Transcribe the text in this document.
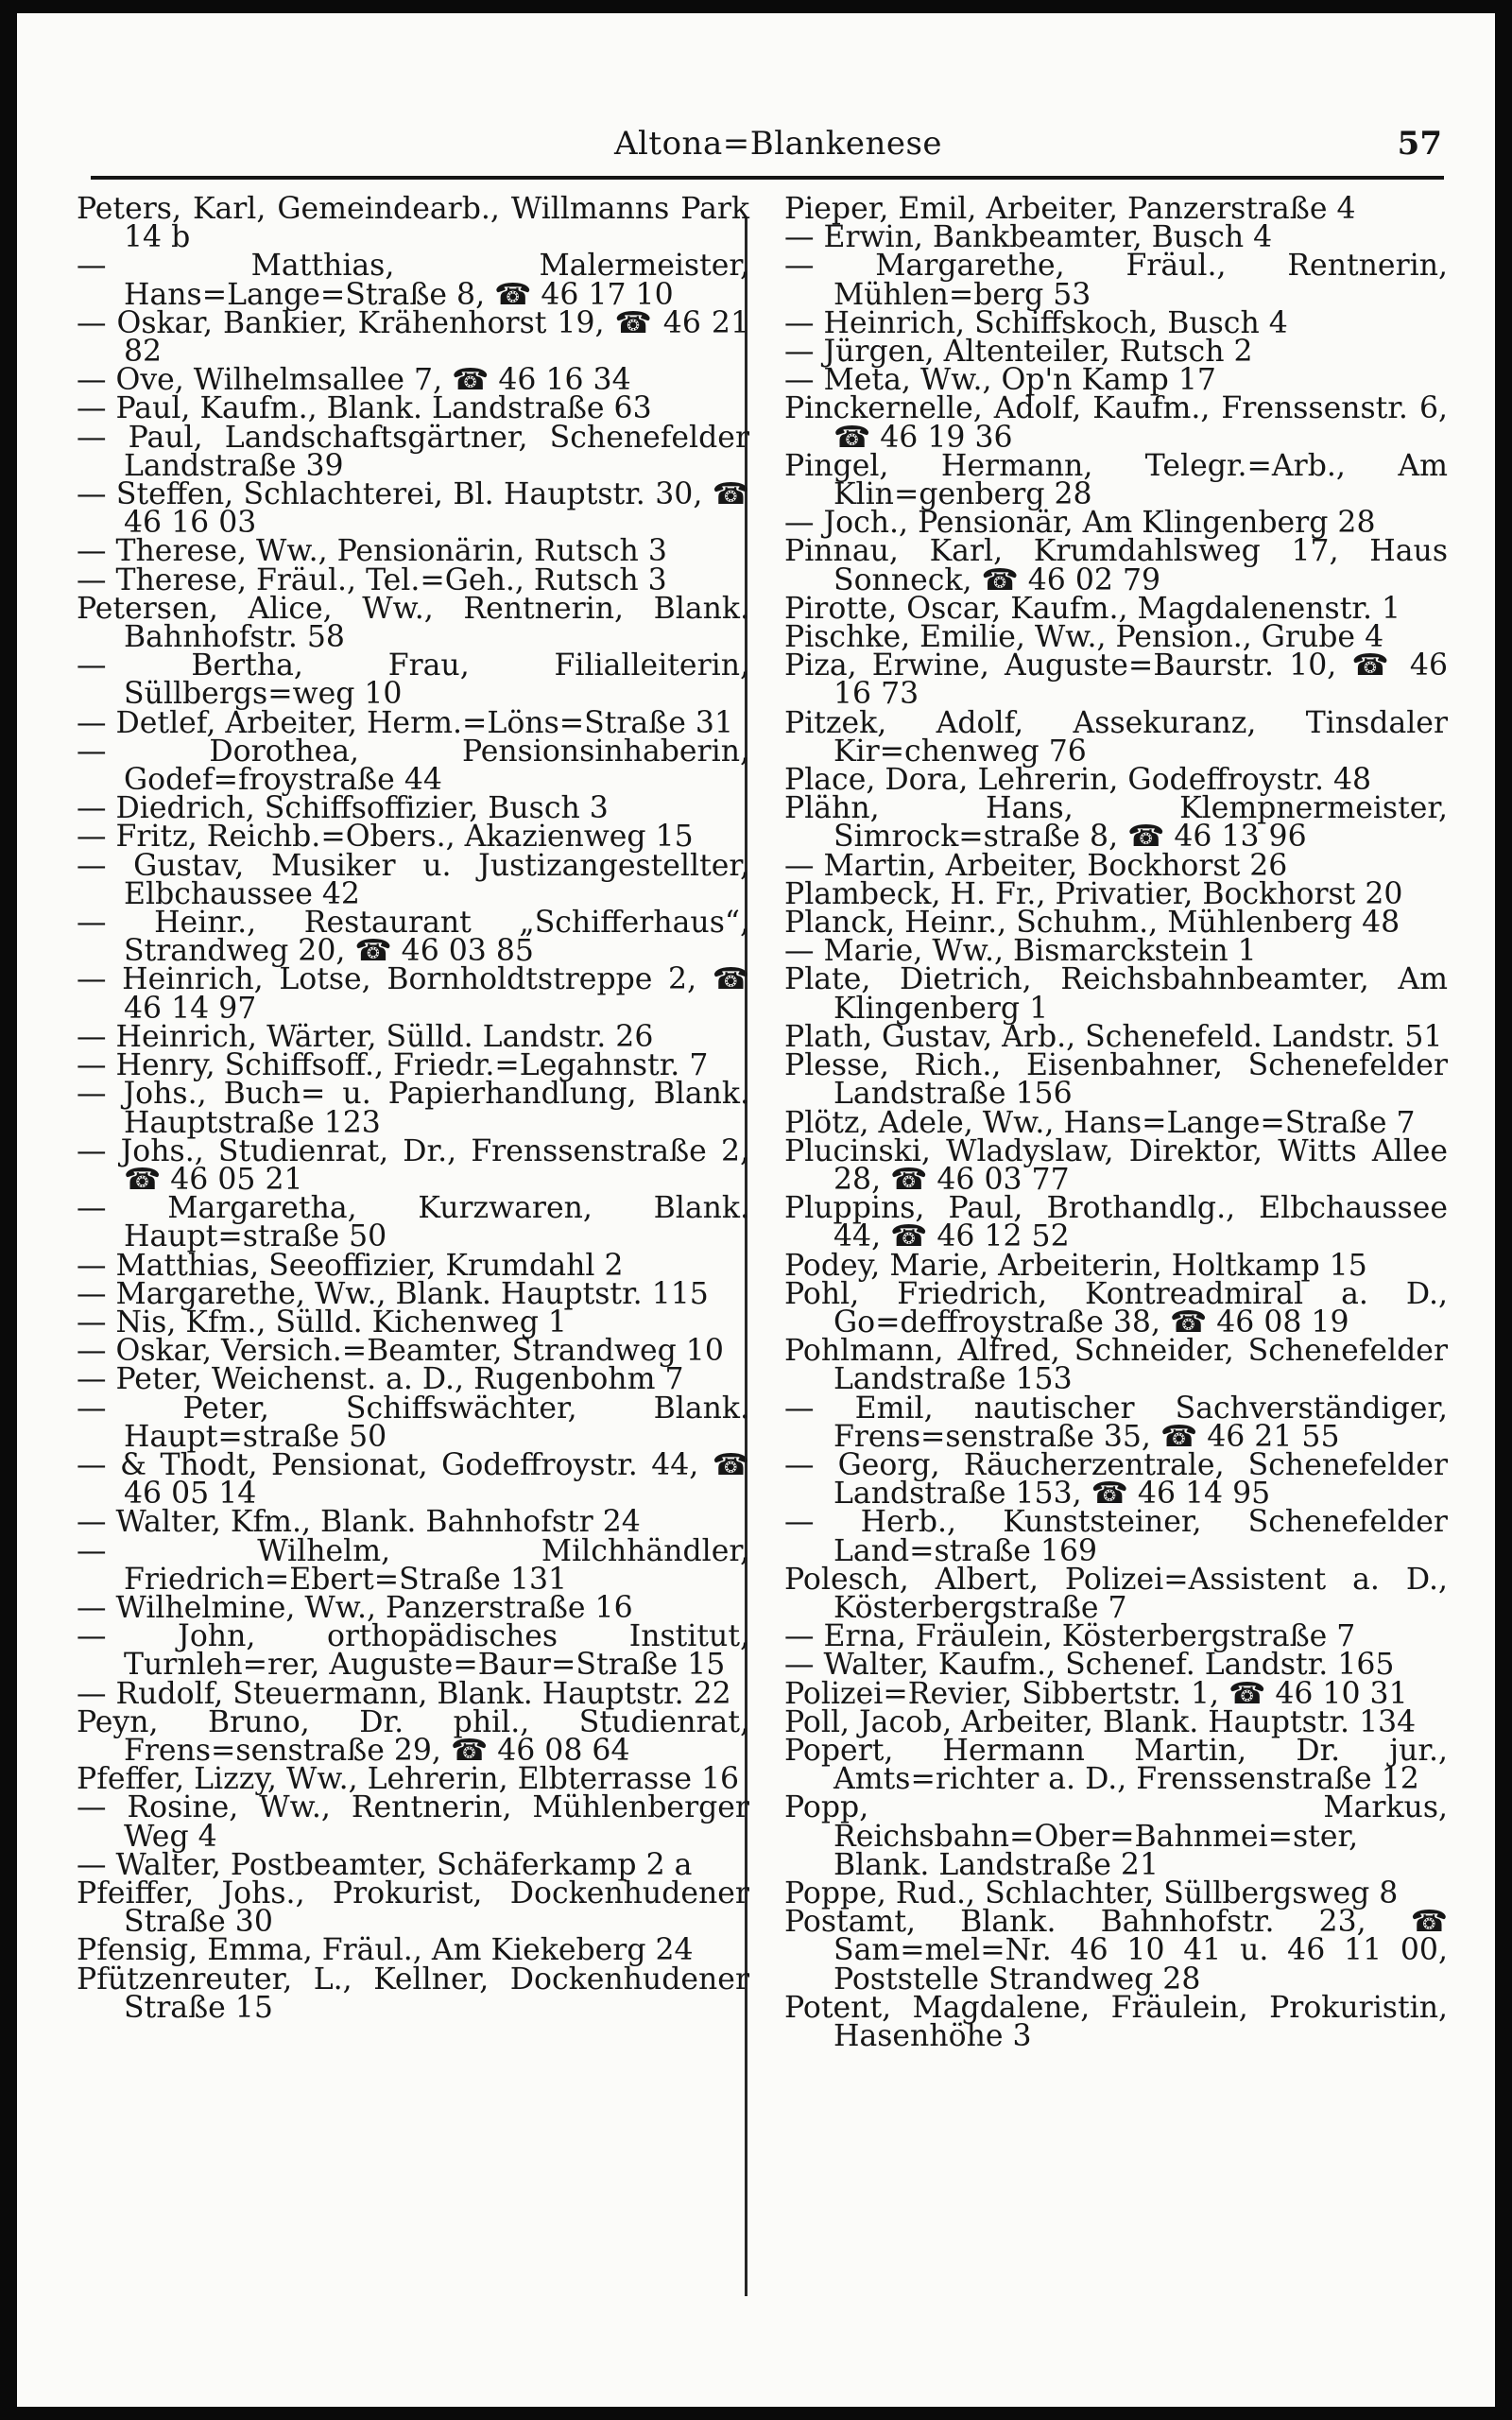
Altona=Blankenese	57

Peters, Karl, Gemeindearb., Willmanns Park 14 b

— Matthias, Malermeister, Hans=Lange=Straße 8, ☎ 46 17 10

— Oskar, Bankier, Krähenhorst 19, ☎ 46 21 82

— Ove, Wilhelmsallee 7, ☎ 46 16 34

— Paul, Kaufm., Blank. Landstraße 63

— Paul, Landschaftsgärtner, Schenefelder Landstraße 39

— Steffen, Schlachterei, Bl. Hauptstr. 30, ☎ 46 16 03

— Therese, Ww., Pensionärin, Rutsch 3

— Therese, Fräul., Tel.=Geh., Rutsch 3

Petersen, Alice, Ww., Rentnerin, Blank. Bahnhofstr. 58

— Bertha, Frau, Filialleiterin, Süllbergs=weg 10

— Detlef, Arbeiter, Herm.=Löns=Straße 31

— Dorothea, Pensionsinhaberin, Godef=froystraße 44

— Diedrich, Schiffsoffizier, Busch 3

— Fritz, Reichb.=Obers., Akazienweg 15

— Gustav, Musiker u. Justizangestellter, Elbchaussee 42

— Heinr., Restaurant „Schifferhaus“, Strandweg 20, ☎ 46 03 85

— Heinrich, Lotse, Bornholdtstreppe 2, ☎ 46 14 97

— Heinrich, Wärter, Sülld. Landstr. 26

— Henry, Schiffsoff., Friedr.=Legahnstr. 7

— Johs., Buch= u. Papierhandlung, Blank. Hauptstraße 123

— Johs., Studienrat, Dr., Frenssenstraße 2, ☎ 46 05 21

— Margaretha, Kurzwaren, Blank. Haupt=straße 50

— Matthias, Seeoffizier, Krumdahl 2

— Margarethe, Ww., Blank. Hauptstr. 115

— Nis, Kfm., Sülld. Kichenweg 1

— Oskar, Versich.=Beamter, Strandweg 10

— Peter, Weichenst. a. D., Rugenbohm 7

— Peter, Schiffswächter, Blank. Haupt=straße 50

— & Thodt, Pensionat, Godeffroystr. 44, ☎ 46 05 14

— Walter, Kfm., Blank. Bahnhofstr 24

— Wilhelm, Milchhändler, Friedrich=Ebert=Straße 131

— Wilhelmine, Ww., Panzerstraße 16

— John, orthopädisches Institut, Turnleh=rer, Auguste=Baur=Straße 15

— Rudolf, Steuermann, Blank. Hauptstr. 22

Peyn, Bruno, Dr. phil., Studienrat, Frens=senstraße 29, ☎ 46 08 64

Pfeffer, Lizzy, Ww., Lehrerin, Elbterrasse 16

— Rosine, Ww., Rentnerin, Mühlenberger Weg 4

— Walter, Postbeamter, Schäferkamp 2 a

Pfeiffer, Johs., Prokurist, Dockenhudener Straße 30

Pfensig, Emma, Fräul., Am Kiekeberg 24

Pfützenreuter, L., Kellner, Dockenhudener Straße 15

Pieper, Emil, Arbeiter, Panzerstraße 4

— Erwin, Bankbeamter, Busch 4

— Margarethe, Fräul., Rentnerin, Mühlen=berg 53

— Heinrich, Schiffskoch, Busch 4

— Jürgen, Altenteiler, Rutsch 2

— Meta, Ww., Op'n Kamp 17

Pinckernelle, Adolf, Kaufm., Frenssenstr. 6, ☎ 46 19 36

Pingel, Hermann, Telegr.=Arb., Am Klin=genberg 28

— Joch., Pensionär, Am Klingenberg 28

Pinnau, Karl, Krumdahlsweg 17, Haus Sonneck, ☎ 46 02 79

Pirotte, Oscar, Kaufm., Magdalenenstr. 1

Pischke, Emilie, Ww., Pension., Grube 4

Piza, Erwine, Auguste=Baurstr. 10, ☎ 46 16 73

Pitzek, Adolf, Assekuranz, Tinsdaler Kir=chenweg 76

Place, Dora, Lehrerin, Godeffroystr. 48

Plähn, Hans, Klempnermeister, Simrock=straße 8, ☎ 46 13 96

— Martin, Arbeiter, Bockhorst 26

Plambeck, H. Fr., Privatier, Bockhorst 20

Planck, Heinr., Schuhm., Mühlenberg 48

— Marie, Ww., Bismarckstein 1

Plate, Dietrich, Reichsbahnbeamter, Am Klingenberg 1

Plath, Gustav, Arb., Schenefeld. Landstr. 51

Plesse, Rich., Eisenbahner, Schenefelder Landstraße 156

Plötz, Adele, Ww., Hans=Lange=Straße 7

Plucinski, Wladyslaw, Direktor, Witts Allee 28, ☎ 46 03 77

Pluppins, Paul, Brothandlg., Elbchaussee 44, ☎ 46 12 52

Podey, Marie, Arbeiterin, Holtkamp 15

Pohl, Friedrich, Kontreadmiral a. D., Go=deffroystraße 38, ☎ 46 08 19

Pohlmann, Alfred, Schneider, Schenefelder Landstraße 153

— Emil, nautischer Sachverständiger, Frens=senstraße 35, ☎ 46 21 55

— Georg, Räucherzentrale, Schenefelder Landstraße 153, ☎ 46 14 95

— Herb., Kunststeiner, Schenefelder Land=straße 169

Polesch, Albert, Polizei=Assistent a. D., Kösterbergstraße 7

— Erna, Fräulein, Kösterbergstraße 7

— Walter, Kaufm., Schenef. Landstr. 165

Polizei=Revier, Sibbertstr. 1, ☎ 46 10 31

Poll, Jacob, Arbeiter, Blank. Hauptstr. 134

Popert, Hermann Martin, Dr. jur., Amts=richter a. D., Frenssenstraße 12

Popp, Markus, Reichsbahn=Ober=Bahnmei=ster, Blank. Landstraße 21

Poppe, Rud., Schlachter, Süllbergsweg 8

Postamt, Blank. Bahnhofstr. 23, ☎ Sam=mel=Nr. 46 10 41 u. 46 11 00, Poststelle Strandweg 28

Potent, Magdalene, Fräulein, Prokuristin, Hasenhöhe 3
